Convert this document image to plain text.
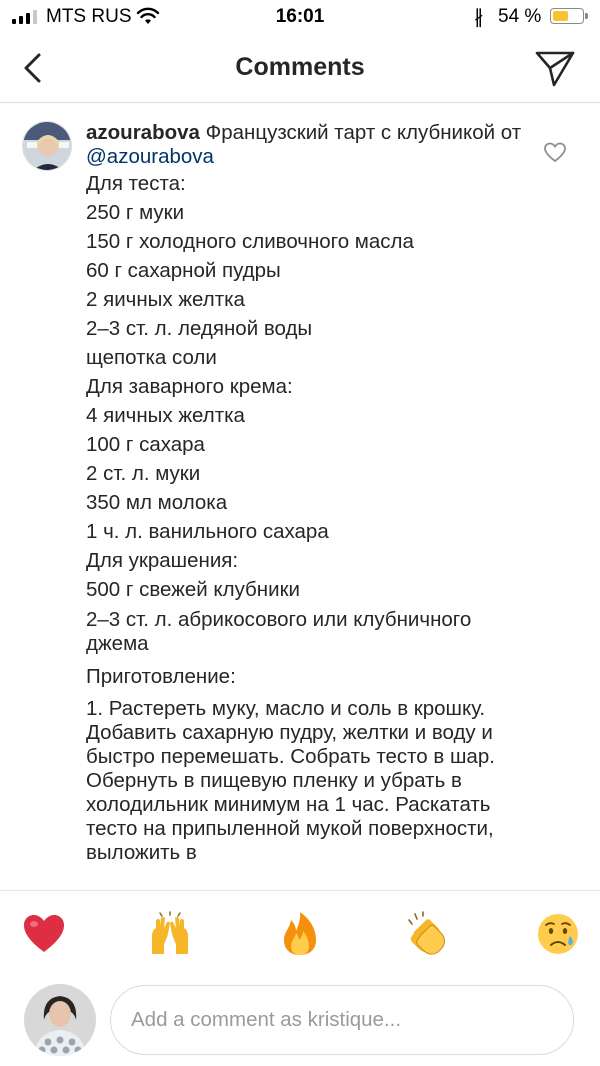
MTS RUS	16:01	∦ 54 %
Comments
azourabova Французский тарт с клубникой от @azourabova
Для теста:
250 г муки
150 г холодного сливочного масла
60 г сахарной пудры
2 яичных желтка
2–3 ст. л. ледяной воды
щепотка соли
Для заварного крема:
4 яичных желтка
100 г сахара
2 ст. л. муки
350 мл молока
1 ч. л. ванильного сахара
Для украшения:
500 г свежей клубники
2–3 ст. л. абрикосового или клубничного джема
Приготовление:
1. Растереть муку, масло и соль в крошку. Добавить сахарную пудру, желтки и воду и быстро перемешать. Собрать тесто в шар. Обернуть в пищевую пленку и убрать в холодильник минимум на 1 час. Раскатать тесто на припыленной мукой поверхности, выложить в
Add a comment as kristique...
